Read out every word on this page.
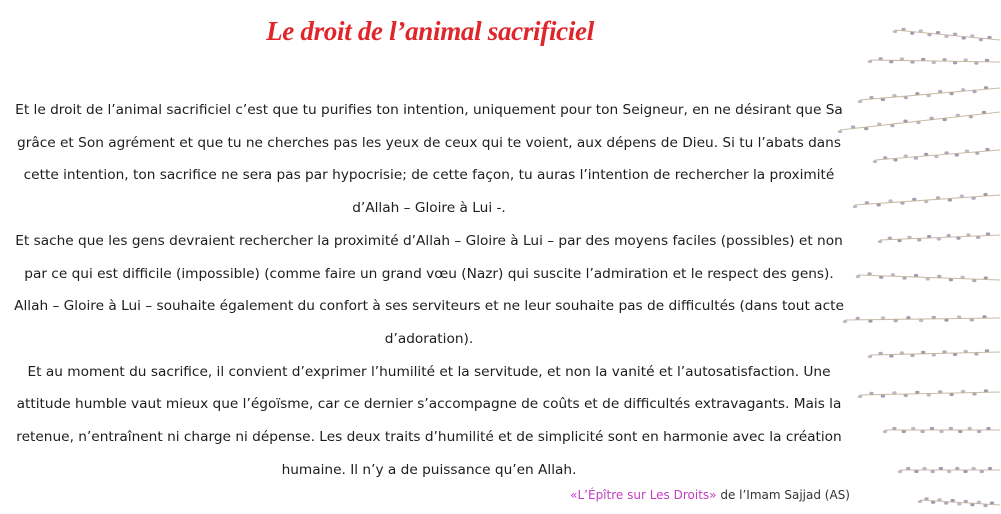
Le droit de l’animal sacrificiel

Et le droit de l’animal sacrificiel c’est que tu purifies ton intention, uniquement pour ton Seigneur, en ne désirant que Sa grâce et Son agrément et que tu ne cherches pas les yeux de ceux qui te voient, aux dépens de Dieu. Si tu l’abats dans cette intention, ton sacrifice ne sera pas par hypocrisie; de cette façon, tu auras l’intention de rechercher la proximité d’Allah – Gloire à Lui -.

Et sache que les gens devraient rechercher la proximité d’Allah – Gloire à Lui – par des moyens faciles (possibles) et non par ce qui est difficile (impossible) (comme faire un grand vœu (Nazr) qui suscite l’admiration et le respect des gens). Allah – Gloire à Lui – souhaite également du confort à ses serviteurs et ne leur souhaite pas de difficultés (dans tout acte d’adoration).

Et au moment du sacrifice, il convient d’exprimer l’humilité et la servitude, et non la vanité et l’autosatisfaction. Une attitude humble vaut mieux que l’égoïsme, car ce dernier s’accompagne de coûts et de difficultés extravagants. Mais la retenue, n’entraînent ni charge ni dépense. Les deux traits d’humilité et de simplicité sont en harmonie avec la création humaine. Il n’y a de puissance qu’en Allah.

«L’Épître sur Les Droits» de l’Imam Sajjad (AS)
